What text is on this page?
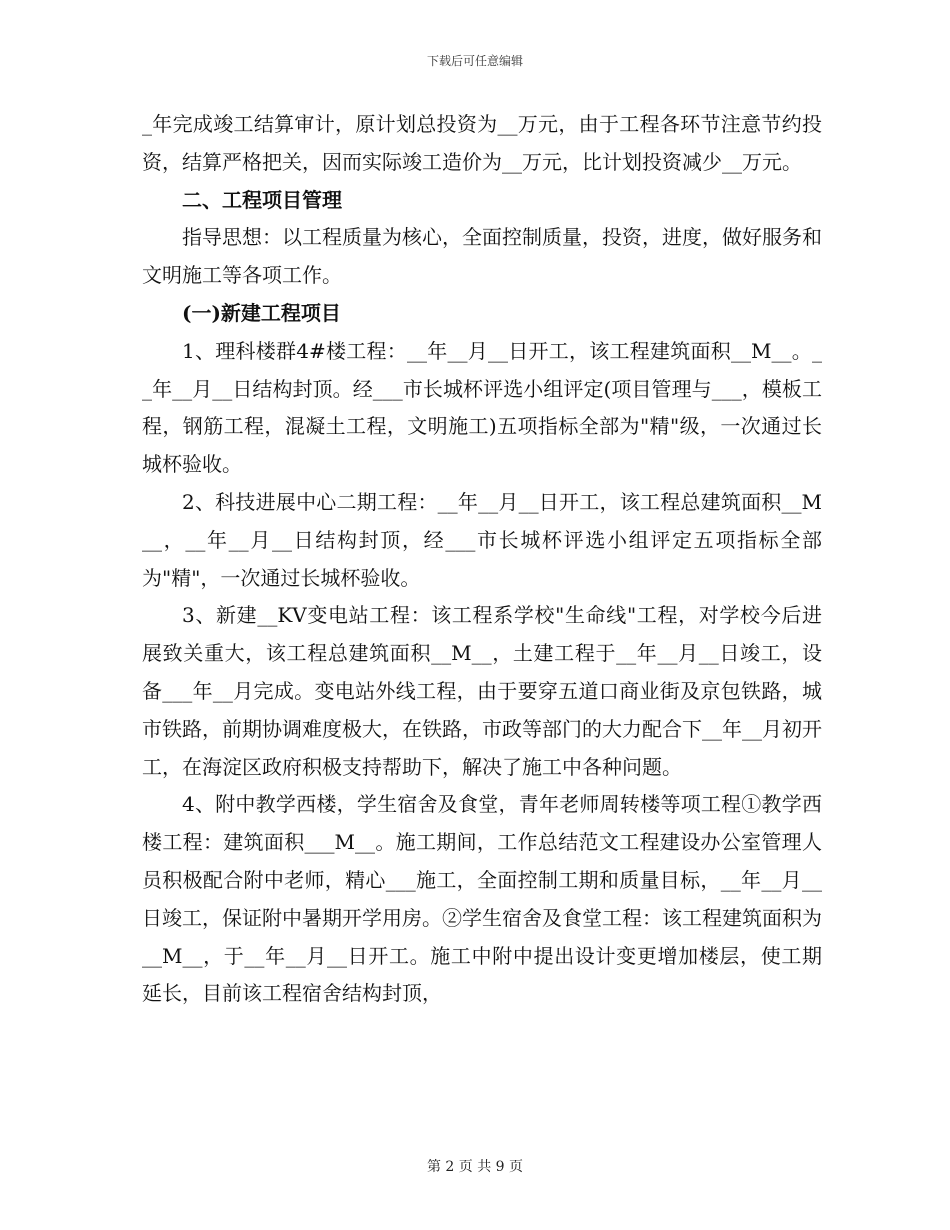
下载后可任意编辑

_年完成竣工结算审计，原计划总投资为__万元，由于工程各环节注意节约投资，结算严格把关，因而实际竣工造价为__万元，比计划投资减少__万元。

二、工程项目管理

指导思想：以工程质量为核心，全面控制质量，投资，进度，做好服务和文明施工等各项工作。

(一)新建工程项目

1、理科楼群4#楼工程：__年__月__日开工，该工程建筑面积__M__。__年__月__日结构封顶。经___市长城杯评选小组评定(项目管理与___，模板工程，钢筋工程，混凝土工程，文明施工)五项指标全部为"精"级，一次通过长城杯验收。

2、科技进展中心二期工程：__年__月__日开工，该工程总建筑面积__M__，__年__月__日结构封顶，经___市长城杯评选小组评定五项指标全部为"精"，一次通过长城杯验收。

3、新建__KV变电站工程：该工程系学校"生命线"工程，对学校今后进展致关重大，该工程总建筑面积__M__，土建工程于__年__月__日竣工，设备___年__月完成。变电站外线工程，由于要穿五道口商业街及京包铁路，城市铁路，前期协调难度极大，在铁路，市政等部门的大力配合下__年__月初开工，在海淀区政府积极支持帮助下，解决了施工中各种问题。

4、附中教学西楼，学生宿舍及食堂，青年老师周转楼等项工程①教学西楼工程：建筑面积___M__。施工期间，工作总结范文工程建设办公室管理人员积极配合附中老师，精心___施工，全面控制工期和质量目标，__年__月__日竣工，保证附中暑期开学用房。②学生宿舍及食堂工程：该工程建筑面积为__M__，于__年__月__日开工。施工中附中提出设计变更增加楼层，使工期延长，目前该工程宿舍结构封顶，

第 2 页 共 9 页
